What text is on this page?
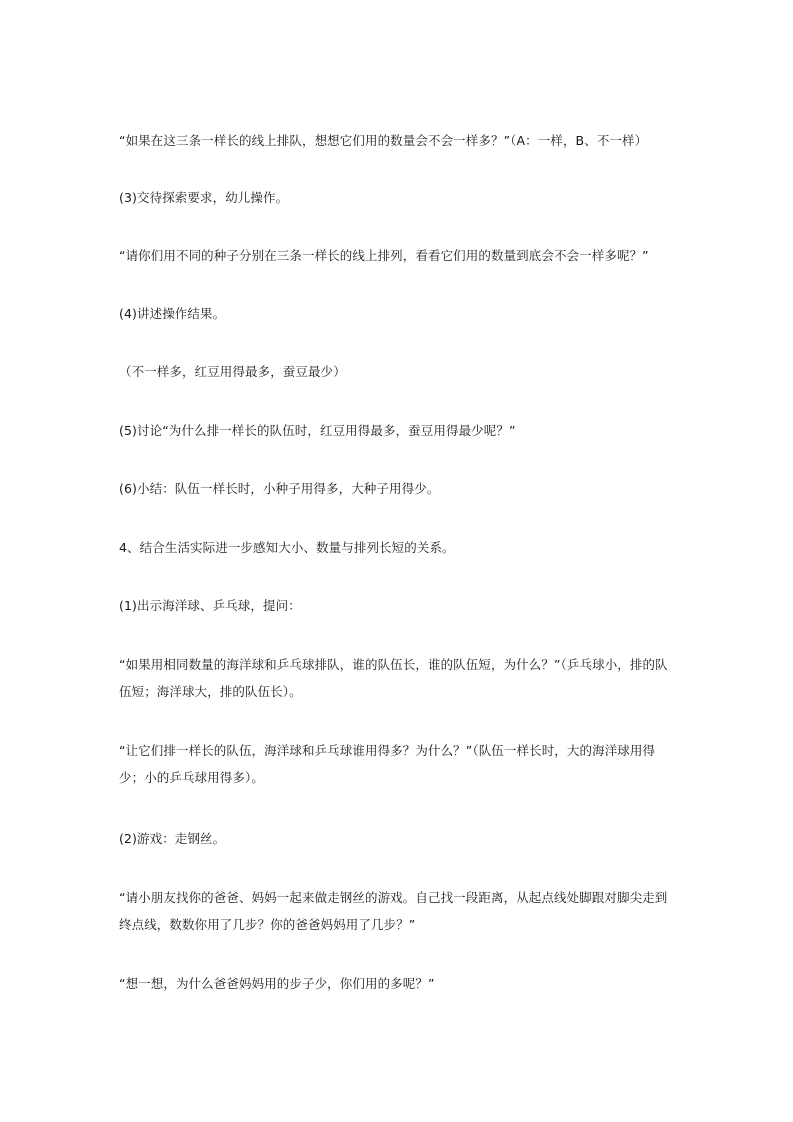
“如果在这三条一样长的线上排队，想想它们用的数量会不会一样多？”（A：一样，B、不一样）

(3)交待探索要求，幼儿操作。

“请你们用不同的种子分别在三条一样长的线上排列，看看它们用的数量到底会不会一样多呢？”

(4)讲述操作结果。

（不一样多，红豆用得最多，蚕豆最少）

(5)讨论“为什么排一样长的队伍时，红豆用得最多，蚕豆用得最少呢？”

(6)小结：队伍一样长时，小种子用得多，大种子用得少。

4、结合生活实际进一步感知大小、数量与排列长短的关系。

(1)出示海洋球、乒乓球，提问：

“如果用相同数量的海洋球和乒乓球排队，谁的队伍长，谁的队伍短，为什么？”（乒乓球小，排的队伍短；海洋球大，排的队伍长）。

“让它们排一样长的队伍，海洋球和乒乓球谁用得多？为什么？”（队伍一样长时，大的海洋球用得少；小的乒乓球用得多）。

(2)游戏：走钢丝。

“请小朋友找你的爸爸、妈妈一起来做走钢丝的游戏。自己找一段距离，从起点线处脚跟对脚尖走到终点线，数数你用了几步？你的爸爸妈妈用了几步？”

“想一想，为什么爸爸妈妈用的步子少，你们用的多呢？”
